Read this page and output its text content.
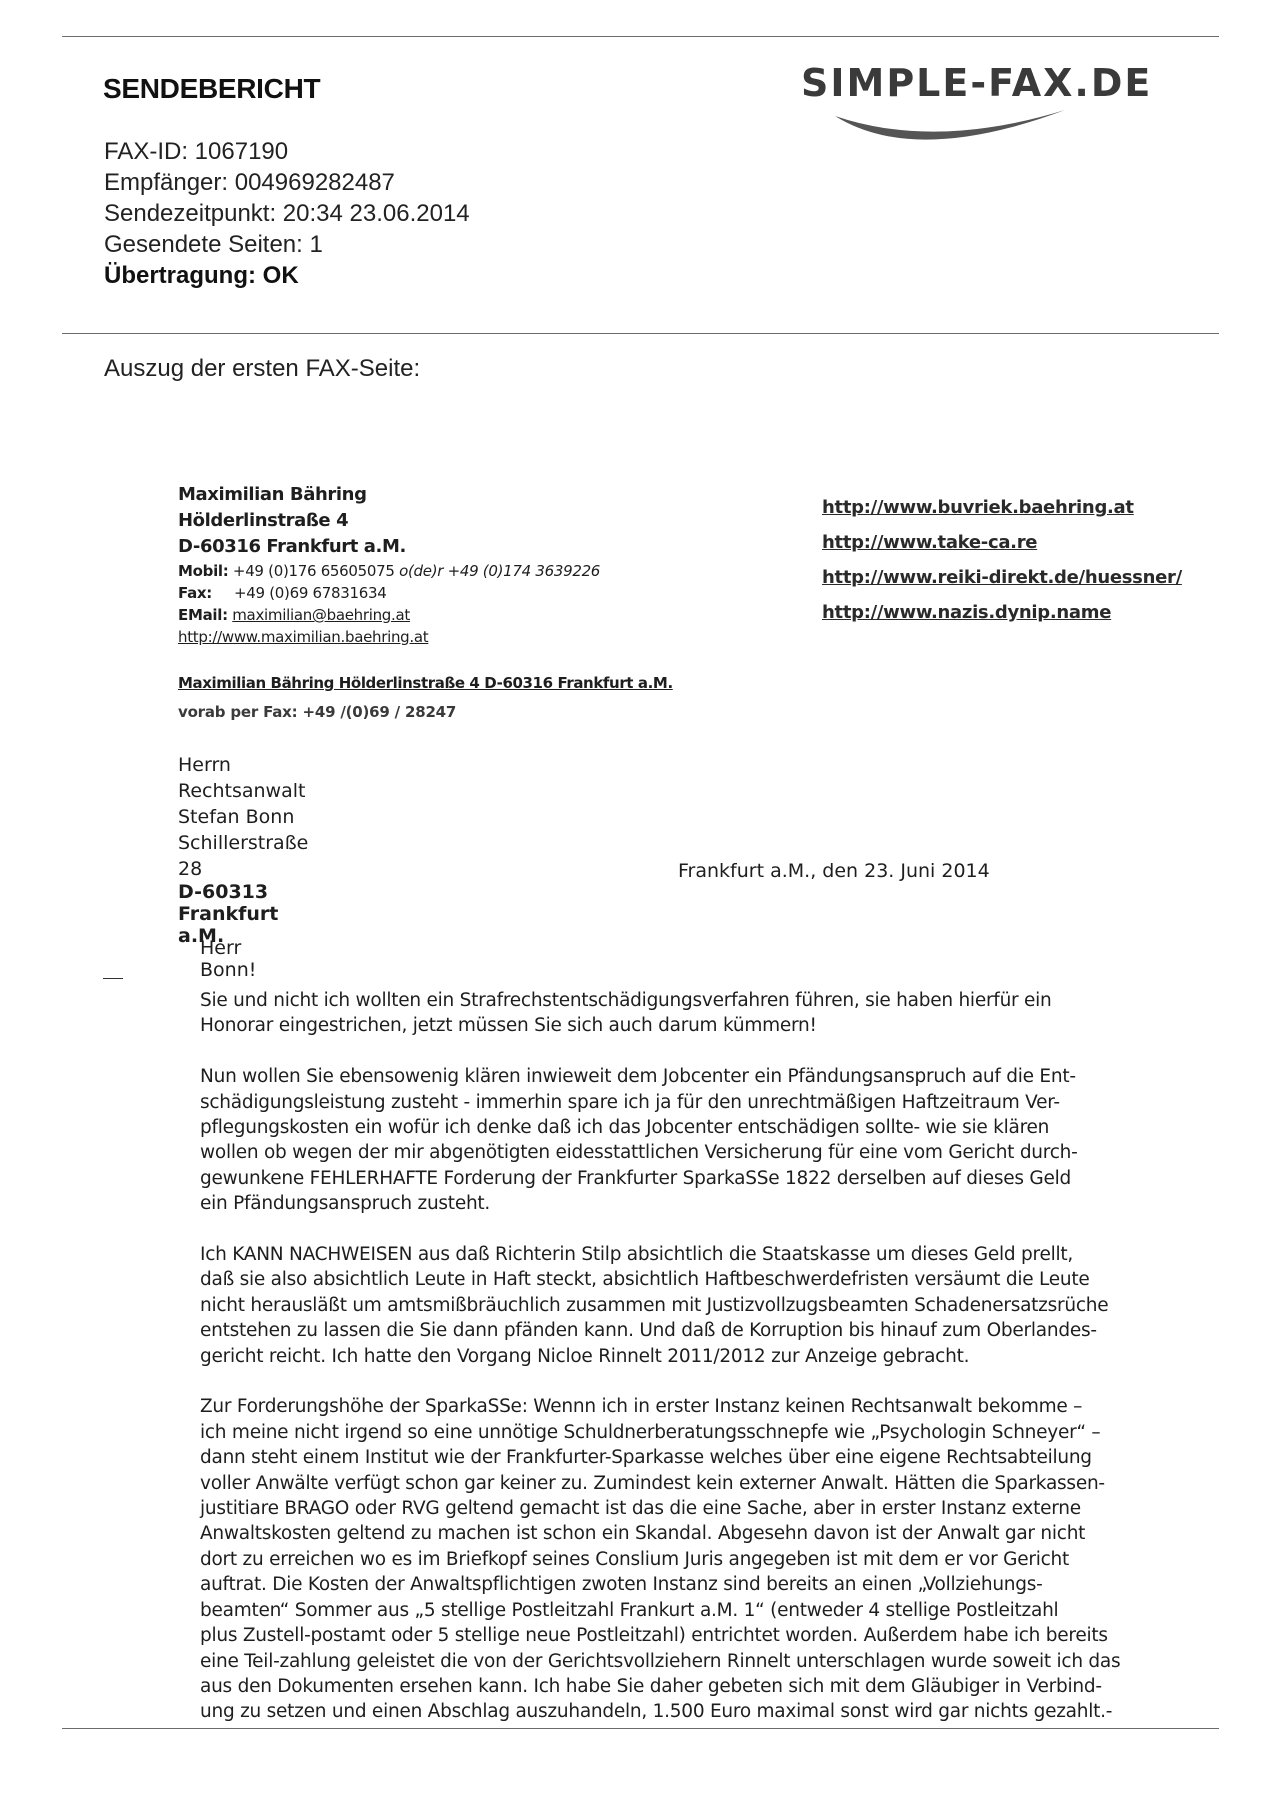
SENDEBERICHT	SIMPLE-FAX.DE
FAX-ID: 1067190
Empfänger: 004969282487
Sendezeitpunkt: 20:34 23.06.2014
Gesendete Seiten: 1
Übertragung: OK
Auszug der ersten FAX-Seite:
Maximilian Bähring
Hölderlinstraße 4
D-60316 Frankfurt a.M.
Mobil: +49 (0)176 65605075 o(de)r +49 (0)174 3639226
Fax: +49 (0)69 67831634
EMail: maximilian@baehring.at
http://www.maximilian.baehring.at
http://www.buvriek.baehring.at
http://www.take-ca.re
http://www.reiki-direkt.de/huessner/
http://www.nazis.dynip.name
Maximilian Bähring Hölderlinstraße 4 D-60316 Frankfurt a.M.
vorab per Fax: +49 /(0)69 / 28247
Herrn
Rechtsanwalt
Stefan Bonn
Schillerstraße 28
D-60313 Frankfurt a.M.
Frankfurt a.M., den 23. Juni 2014
Herr Bonn!

Sie und nicht ich wollten ein Strafrechstentschädigungsverfahren führen, sie haben hierfür ein
Honorar eingestrichen, jetzt müssen Sie sich auch darum kümmern!

Nun wollen Sie ebensowenig klären inwieweit dem Jobcenter ein Pfändungsanspruch auf die Ent-
schädigungsleistung zusteht - immerhin spare ich ja für den unrechtmäßigen Haftzeitraum Ver-
pflegungskosten ein wofür ich denke daß ich das Jobcenter entschädigen sollte- wie sie klären
wollen ob wegen der mir abgenötigten eidesstattlichen Versicherung für eine vom Gericht durch-
gewunkene FEHLERHAFTE Forderung der Frankfurter SparkaSSe 1822 derselben auf dieses Geld
ein Pfändungsanspruch zusteht.

Ich KANN NACHWEISEN aus daß Richterin Stilp absichtlich die Staatskasse um dieses Geld prellt,
daß sie also absichtlich Leute in Haft steckt, absichtlich Haftbeschwerdefristen versäumt die Leute
nicht herausläßt um amtsmißbräuchlich zusammen mit Justizvollzugsbeamten Schadenersatzsrüche
entstehen zu lassen die Sie dann pfänden kann. Und daß de Korruption bis hinauf zum Oberlandes-
gericht reicht. Ich hatte den Vorgang Nicloe Rinnelt 2011/2012 zur Anzeige gebracht.

Zur Forderungshöhe der SparkaSSe: Wennn ich in erster Instanz keinen Rechtsanwalt bekomme –
ich meine nicht irgend so eine unnötige Schuldnerberatungsschnepfe wie „Psychologin Schneyer“ –
dann steht einem Institut wie der Frankfurter-Sparkasse welches über eine eigene Rechtsabteilung
voller Anwälte verfügt schon gar keiner zu. Zumindest kein externer Anwalt. Hätten die Sparkassen-
justitiare BRAGO oder RVG geltend gemacht ist das die eine Sache, aber in erster Instanz externe
Anwaltskosten geltend zu machen ist schon ein Skandal. Abgesehn davon ist der Anwalt gar nicht
dort zu erreichen wo es im Briefkopf seines Conslium Juris angegeben ist mit dem er vor Gericht
auftrat. Die Kosten der Anwaltspflichtigen zwoten Instanz sind bereits an einen „Vollziehungs-
beamten“ Sommer aus „5 stellige Postleitzahl Frankurt a.M. 1“ (entweder 4 stellige Postleitzahl
plus Zustell-postamt oder 5 stellige neue Postleitzahl) entrichtet worden. Außerdem habe ich bereits
eine Teil-zahlung geleistet die von der Gerichtsvollziehern Rinnelt unterschlagen wurde soweit ich das
aus den Dokumenten ersehen kann. Ich habe Sie daher gebeten sich mit dem Gläubiger in Verbind-
ung zu setzen und einen Abschlag auszuhandeln, 1.500 Euro maximal sonst wird gar nichts gezahlt.-
